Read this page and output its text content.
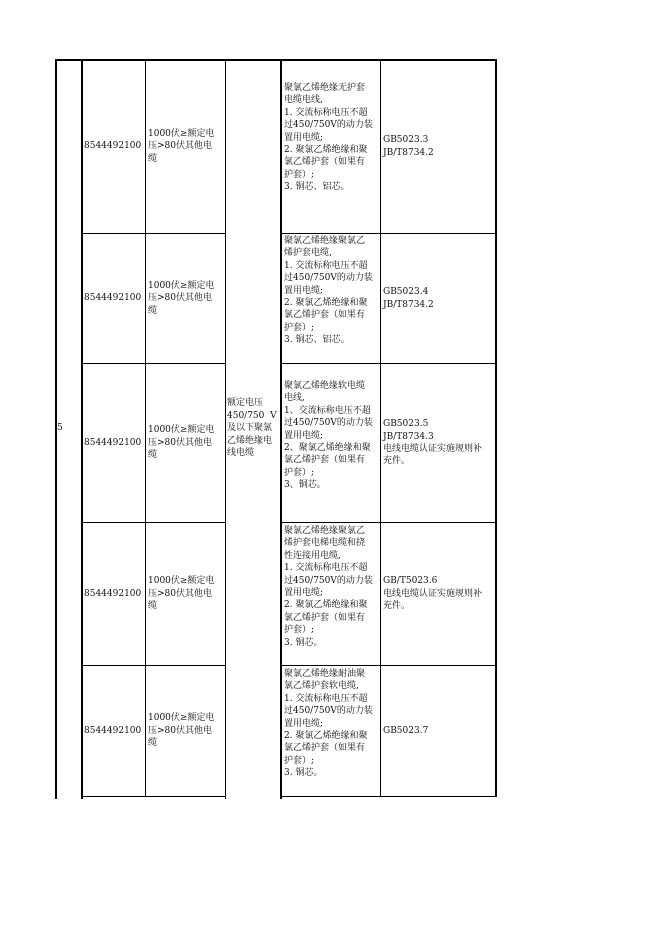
5
额定电压
450/750  V
及以下聚氯
乙烯绝缘电
线电缆
8544492100
1000伏≥额定电
压>80伏其他电
缆
聚氯乙烯绝缘无护套
电缆电线,
1. 交流标称电压不超
过450/750V的动力装
置用电缆;
2. 聚氯乙烯绝缘和聚
氯乙烯护套（如果有
护套）;
3. 铜芯、铝芯。
GB5023.3
JB/T8734.2
8544492100
1000伏≥额定电
压>80伏其他电
缆
聚氯乙烯绝缘聚氯乙
烯护套电缆,
1. 交流标称电压不超
过450/750V的动力装
置用电缆;
2. 聚氯乙烯绝缘和聚
氯乙烯护套（如果有
护套）;
3. 铜芯、铝芯。
GB5023.4
JB/T8734.2
8544492100
1000伏≥额定电
压>80伏其他电
缆
聚氯乙烯绝缘软电缆
电线,
1、交流标称电压不超
过450/750V的动力装
置用电缆;
2、聚氯乙烯绝缘和聚
氯乙烯护套（如果有
护套）;
3、铜芯。
GB5023.5
JB/T8734.3
电线电缆认证实施规则补
充件。
8544492100
1000伏≥额定电
压>80伏其他电
缆
聚氯乙烯绝缘聚氯乙
烯护套电梯电缆和挠
性连接用电缆,
1. 交流标称电压不超
过450/750V的动力装
置用电缆;
2. 聚氯乙烯绝缘和聚
氯乙烯护套（如果有
护套）;
3. 铜芯。
GB/T5023.6
电线电缆认证实施规则补
充件。
8544492100
1000伏≥额定电
压>80伏其他电
缆
聚氯乙烯绝缘耐油聚
氯乙烯护套软电缆,
1. 交流标称电压不超
过450/750V的动力装
置用电缆;
2. 聚氯乙烯绝缘和聚
氯乙烯护套（如果有
护套）;
3. 铜芯。
GB5023.7
